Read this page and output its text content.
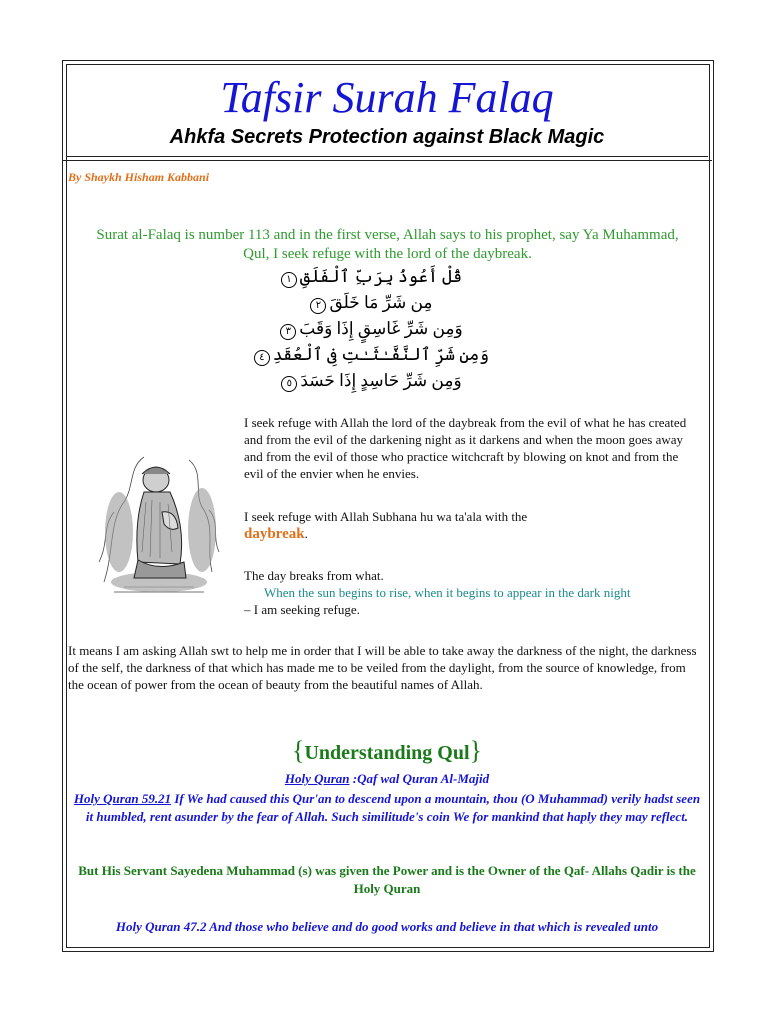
Tafsir Surah Falaq
Ahkfa Secrets Protection against Black Magic
By Shaykh Hisham Kabbani
Surat al-Falaq is number 113 and in the first verse, Allah says to his prophet, say Ya Muhammad, Qul, I seek refuge with the lord of the daybreak.
قُلْ أَعُوذُ بِرَبِّ ٱلْفَلَقِ١
مِن شَرِّ مَا خَلَقَ٢
وَمِن شَرِّ غَاسِقٍ إِذَا وَقَبَ٣
وَمِن شَرِّ ٱلنَّفَّـٰثَـٰتِ فِى ٱلْعُقَدِ٤
وَمِن شَرِّ حَاسِدٍ إِذَا حَسَدَ٥
I seek refuge with Allah the lord of the daybreak from the evil of what he has created and from the evil of the darkening night as it darkens and when the moon goes away and from the evil of those who practice witchcraft by blowing on knot and from the evil of the envier when he envies.
I seek refuge with Allah Subhana hu wa ta'ala with the
daybreak.
The day breaks from what.
When the sun begins to rise, when it begins to appear in the dark night
– I am seeking refuge.
It means I am asking Allah swt to help me in order that I will be able to take away the darkness of the night, the darkness of the self, the darkness of that which has made me to be veiled from the daylight, from the source of knowledge, from the ocean of power from the ocean of beauty from the beautiful names of Allah.
{Understanding Qul}
Holy Quran :Qaf wal Quran Al-Majid
Holy Quran 59.21 If We had caused this Qur'an to descend upon a mountain, thou (O Muhammad) verily hadst seen it humbled, rent asunder by the fear of Allah. Such similitude's coin We for mankind that haply they may reflect.
But His Servant Sayedena Muhammad (s) was given the Power and is the Owner of the Qaf- Allahs Qadir is the Holy Quran
Holy Quran 47.2 And those who believe and do good works and believe in that which is revealed unto
